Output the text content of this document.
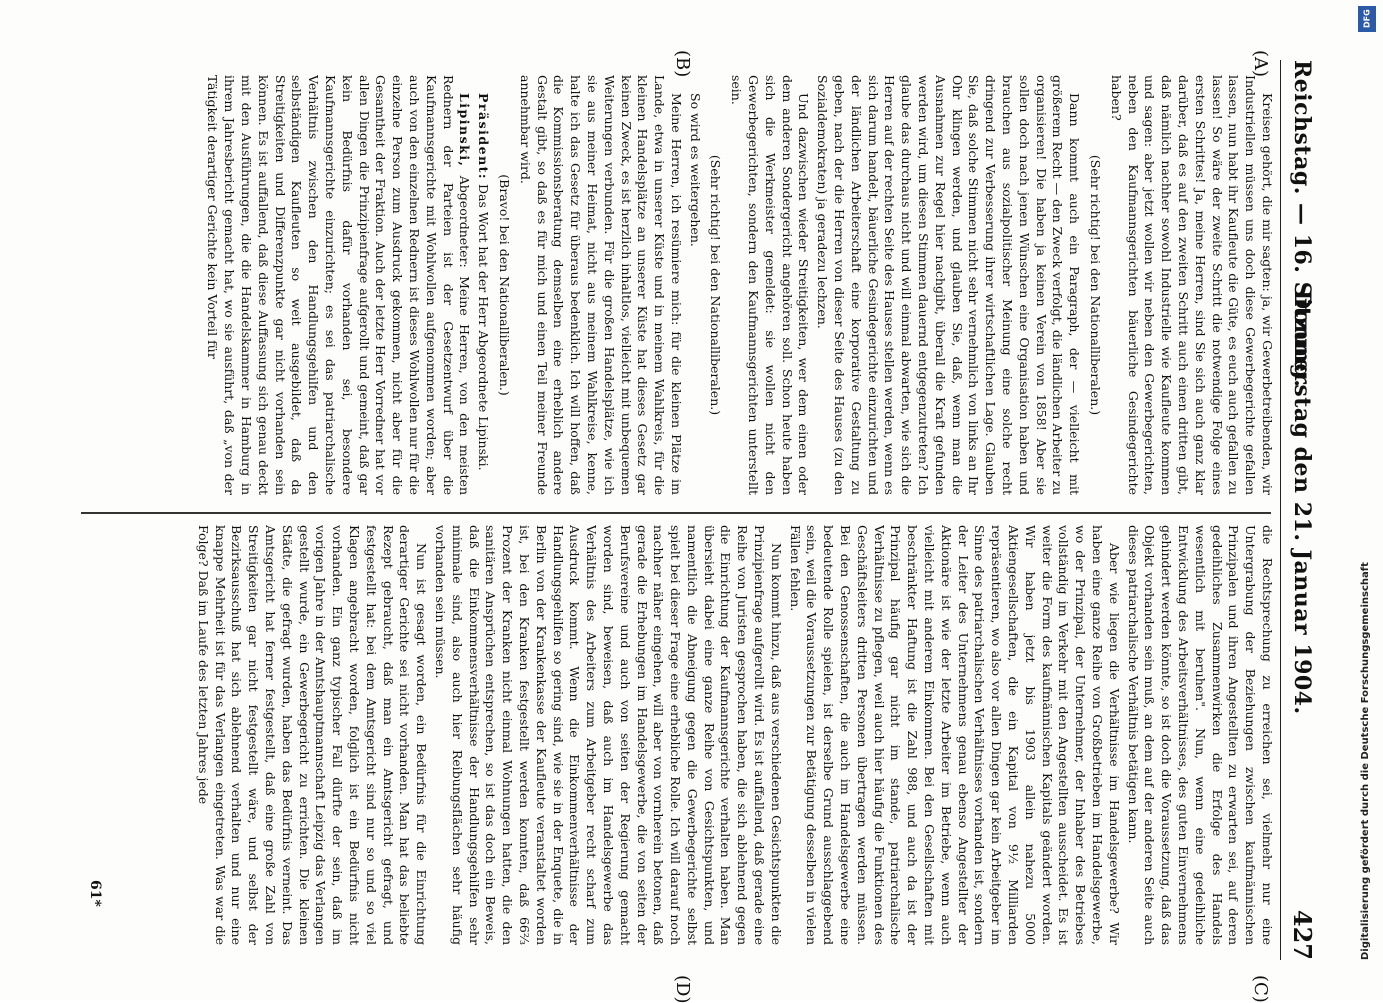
Reichstag. — 16. Sitzung.
Donnerstag den 21. Januar 1904.
427
(A)
(B)
(C)
(D)

Kreisen gehört, die mir sagten: ja, wir Gewerbetreibenden, wir Industriellen müssen uns doch diese Gewerbegerichte gefallen lassen, nun habt ihr Kaufleute die Güte, es euch auch gefallen zu lassen! So wäre der zweite Schritt die notwendige Folge eines ersten Schrittes! Ja, meine Herren, sind Sie sich auch ganz klar darüber, daß es auf den zweiten Schritt auch einen dritten gibt, daß nämlich nachher sowohl Industrielle wie Kaufleute kommen und sagen: aber jetzt wollen wir neben den Gewerbegerichten, neben den Kaufmannsgerichten bäuerliche Gesindegerichte haben?

(Sehr richtig! bei den Nationalliberalen.)

Dann kommt auch ein Paragraph, der — vielleicht mit größerem Recht — den Zweck verfolgt, die ländlichen Arbeiter zu organisieren! Die haben ja keinen Verein von 1858! Aber sie sollen doch nach jenen Wünschen eine Organisation haben und brauchen aus sozialpolitischer Meinung eine solche recht dringend zur Verbesserung ihrer wirtschaftlichen Lage. Glauben Sie, daß solche Stimmen nicht sehr vernehmlich von links an Ihr Ohr klingen werden, und glauben Sie, daß, wenn man die Ausnahmen zur Regel hier nachgibt, überall die Kraft gefunden werden wird, um diesen Stimmen dauernd entgegenzutreten? Ich glaube das durchaus nicht und will einmal abwarten, wie sich die Herren auf der rechten Seite des Hauses stellen werden, wenn es sich darum handelt, bäuerliche Gesindegerichte einzurichten und der ländlichen Arbeiterschaft eine korporative Gestaltung zu geben, nach der die Herren von dieser Seite des Hauses (zu den Sozialdemokraten) ja geradezu lechzen.

Und dazwischen wieder Streitigkeiten, wer dem einen oder dem anderen Sondergericht angehören soll. Schon heute haben sich die Werkmeister gemeldet: sie wollen nicht den Gewerbegerichten, sondern den Kaufmannsgerichten unterstellt sein.

(Sehr richtig! bei den Nationalliberalen.)

So wird es weitergehen.

Meine Herren, ich resümiere mich: für die kleinen Plätze im Lande, etwa in unserer Küste und in meinem Wahlkreis, für die kleinen Handelsplätze an unserer Küste hat dieses Gesetz gar keinen Zweck, es ist herzlich inhaltlos, vielleicht mit unbequemen Weiterungen verbunden. Für die großen Handelsplätze, wie ich sie aus meiner Heimat, nicht aus meinem Wahlkreise, kenne, halte ich das Gesetz für überaus bedenklich. Ich will hoffen, daß die Kommissionsberatung demselben eine erheblich andere Gestalt gibt, so daß es für mich und einen Teil meiner Freunde annehmbar wird.

(Bravo! bei den Nationalliberalen.)

Präsident: Das Wort hat der Herr Abgeordnete Lipinski.

Lipinski, Abgeordneter: Meine Herren, von den meisten Rednern der Parteien ist der Gesetzentwurf über die Kaufmannsgerichte mit Wohlwollen aufgenommen worden; aber auch von den einzelnen Rednern ist dieses Wohlwollen nur für die einzelne Person zum Ausdruck gekommen, nicht aber für die Gesamtheit der Fraktion. Auch der letzte Herr Vorredner hat vor allen Dingen die Prinzipienfrage aufgerollt und gemeint, daß gar kein Bedürfnis dafür vorhanden sei, besondere Kaufmannsgerichte einzurichten; es sei das patriarchalische Verhältnis zwischen den Handlungsgehilfen und den selbständigen Kaufleuten so weit ausgebildet, daß da Streitigkeiten und Differenzpunkte gar nicht vorhanden sein können. Es ist auffallend, daß diese Auffassung sich genau deckt mit den Ausführungen, die die Handelskammer in Hamburg in ihrem Jahresbericht gemacht hat, wo sie ausführt, daß „von der Tätigkeit derartiger Gerichte kein Vorteil für

die Rechtsprechung zu erreichen sei, vielmehr nur eine Untergrabung der Beziehungen zwischen kaufmännischen Prinzipalen und ihren Angestellten zu erwarten sei, auf deren gedeihliches Zusammenwirken die Erfolge des Handels wesentlich mit beruhen". Nun, wenn eine gedeihliche Entwicklung des Arbeitsverhältnisses, des guten Einvernehmens gehindert werden könnte, so ist doch die Voraussetzung, daß das Objekt vorhanden sein muß, an dem auf der anderen Seite auch dieses patriarchalische Verhältnis betätigen kann.

Aber wie liegen die Verhältnisse im Handelsgewerbe? Wir haben eine ganze Reihe von Großbetrieben im Handelsgewerbe, wo der Prinzipal, der Unternehmer, der Inhaber des Betriebes vollständig im Verkehr mit den Angestellten ausscheidet. Es ist weiter die Form des kaufmännischen Kapitals geändert worden. Wir haben jetzt bis 1903 allein nahezu 5000 Aktiengesellschaften, die ein Kapital von 9½ Milliarden repräsentieren, wo also vor allen Dingen gar kein Arbeitgeber im Sinne des patriarchalischen Verhältnisses vorhanden ist, sondern der Leiter des Unternehmens genau ebenso Angestellter der Aktionäre ist wie der letzte Arbeiter im Betriebe, wenn auch vielleicht mit anderem Einkommen. Bei den Gesellschaften mit beschränkter Haftung ist die Zahl 988, und auch da ist der Prinzipal häufig gar nicht im stande, patriarchalische Verhältnisse zu pflegen, weil auch hier häufig die Funktionen des Geschäftsleiters dritten Personen übertragen werden müssen. Bei den Genossenschaften, die auch im Handelsgewerbe eine bedeutende Rolle spielen, ist derselbe Grund ausschlaggebend sein, weil die Voraussetzungen zur Betätigung desselben in vielen Fällen fehlen.

Nun kommt hinzu, daß aus verschiedenen Gesichtspunkten die Prinzipienfrage aufgerollt wird. Es ist auffallend, daß gerade eine Reihe von Juristen gesprochen haben, die sich ablehnend gegen die Einrichtung der Kaufmannsgerichte verhalten haben. Man übersieht dabei eine ganze Reihe von Gesichtspunkten, und namentlich die Abneigung gegen die Gewerbegerichte selbst spielt bei dieser Frage eine erhebliche Rolle. Ich will darauf noch nachher näher eingehen, will aber von vornherein betonen, daß gerade die Erhebungen im Handelsgewerbe, die von seiten der Berufsvereine und auch von seiten der Regierung gemacht worden sind, beweisen, daß auch im Handelsgewerbe das Verhältnis des Arbeiters zum Arbeitgeber recht scharf zum Ausdruck kommt. Wenn die Einkommenverhältnisse der Handlungsgehilfen so gering sind, wie sie in der Enquete, die in Berlin von der Krankenkasse der Kaufleute veranstaltet worden ist, bei den Kranken festgestellt werden konnten, daß 66⅔ Prozent der Kranken nicht einmal Wohnungen hatten, die den sanitären Ansprüchen entsprechen, so ist das doch ein Beweis, daß die Einkommensverhältnisse der Handlungsgehilfen sehr minimale sind, also auch hier Reibungsflächen sehr häufig vorhanden sein müssen.

Nun ist gesagt worden, ein Bedürfnis für die Einrichtung derartiger Gerichte sei nicht vorhanden. Man hat das beliebte Rezept gebraucht, daß man ein Amtsgericht gefragt, und festgestellt hat: bei dem Amtsgericht sind nur so und so viel Klagen angebracht worden, folglich ist ein Bedürfnis nicht vorhanden. Ein ganz typischer Fall dürfte der sein, daß im vorigen Jahre in der Amtshauptmannschaft Leipzig das Verlangen gestellt wurde, ein Gewerbegericht zu errichten. Die kleinen Städte, die gefragt wurden, haben das Bedürfnis verneint. Das Amtsgericht hat ferner festgestellt, daß eine große Zahl von Streitigkeiten gar nicht festgestellt wäre, und selbst der Bezirksausschuß hat sich ablehnend verhalten und nur eine knappe Mehrheit ist für das Verlangen eingetreten. Was war die Folge? Daß im Laufe des letzten Jahres jede

61*
DFG
Digitalisierung gefördert durch die Deutsche Forschungsgemeinschaft
